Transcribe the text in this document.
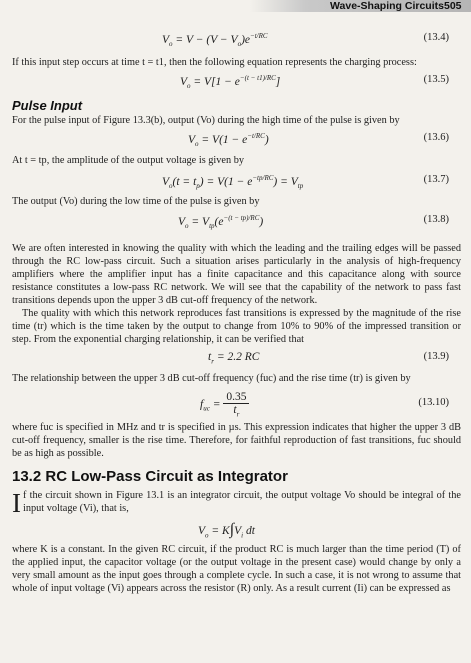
Wave-Shaping Circuits 505
$V_o = V - (V - V_o)e^{-t/RC}$	(13.4)

If this input step occurs at time t = t1, then the following equation represents the charging process:

$V_o = V[1 - e^{-(t - t1)/RC}]$	(13.5)
Pulse Input

For the pulse input of Figure 13.3(b), output (Vo) during the high time of the pulse is given by

$V_o = V(1 - e^{-t/RC})$	(13.6)

At t = tp, the amplitude of the output voltage is given by

$V_o(t = t_p) = V(1 - e^{-tp/RC}) = V_{tp}$
(13.7)

The output (Vo) during the low time of the pulse is given by

$V_o = V_{tp}(e^{-(t - tp)/RC})$	(13.8)

We are often interested in knowing the quality with which the leading and the trailing edges will be passed through the RC low-pass circuit. Such a situation arises particularly in the analysis of high-frequency amplifiers where the amplifier input has a finite capacitance and this capacitance along with source resistance constitutes a low-pass RC network. We will see that the capability of the network to pass fast transitions depends upon the upper 3 dB cut-off frequency of the network.

The quality with which this network reproduces fast transitions is expressed by the magnitude of the rise time (tr) which is the time taken by the output to change from 10% to 90% of the impressed transition or step. From the exponential charging relationship, it can be verified that

$t_r = 2.2$ RC	(13.9)

The relationship between the upper 3 dB cut-off frequency (fuc) and the rise time (tr) is given by

$f_{uc} = \frac{0.35}{t_r}$	(13.10)

where fuc is specified in MHz and tr is specified in µs. This expression indicates that higher the upper 3 dB cut-off frequency, smaller is the rise time. Therefore, for faithful reproduction of fast transitions, fuc should be as high as possible.

13.2 RC Low-Pass Circuit as Integrator

If the circuit shown in Figure 13.1 is an integrator circuit, the output voltage Vo should be integral of the input voltage (Vi), that is,

$V_o = K\int V_i$ dt

where K is a constant. In the given RC circuit, if the product RC is much larger than the time period (T) of the applied input, the capacitor voltage (or the output voltage in the present case) would change by only a very small amount as the input goes through a complete cycle. In such a case, it is not wrong to assume that whole of input voltage (Vi) appears across the resistor (R) only. As a result current (Ii) can be expressed as
